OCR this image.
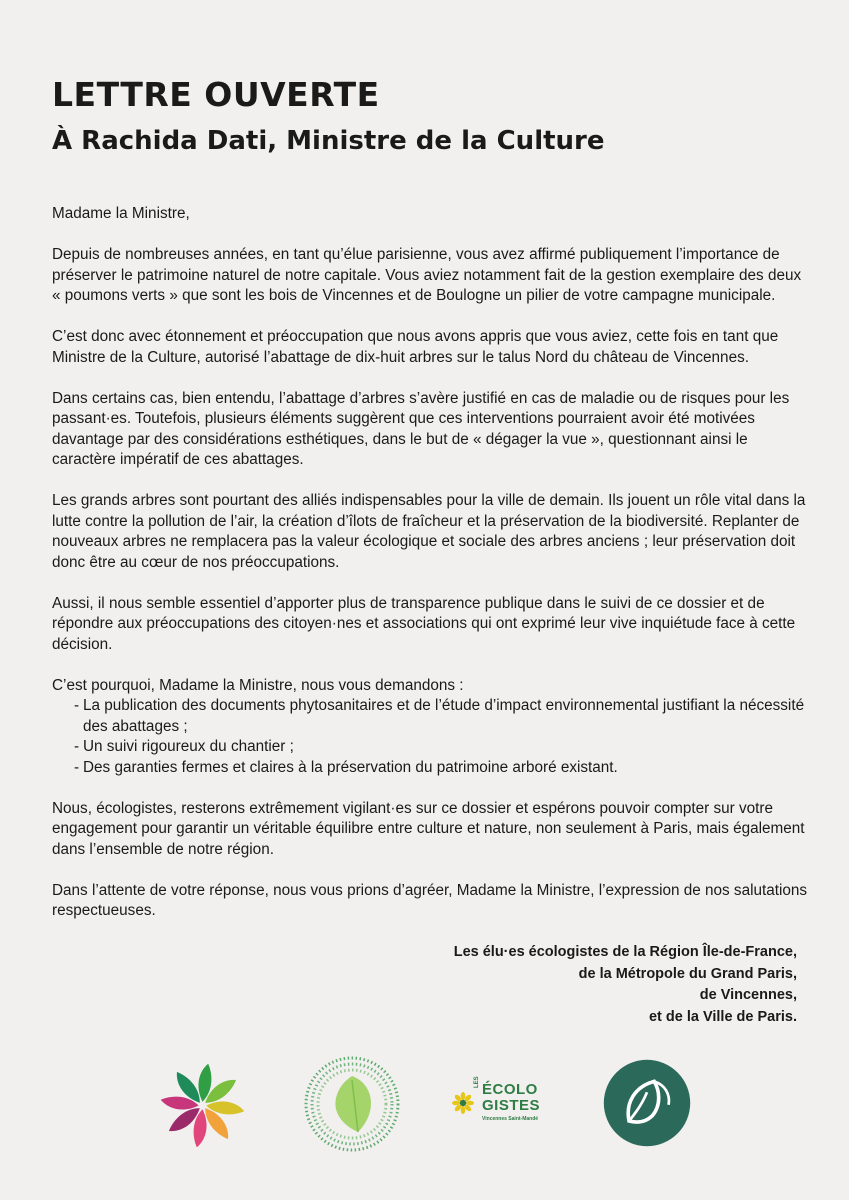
LETTRE OUVERTE
À Rachida Dati, Ministre de la Culture

Madame la Ministre,

Depuis de nombreuses années, en tant qu’élue parisienne, vous avez affirmé publiquement l’importance de préserver le patrimoine naturel de notre capitale. Vous aviez notamment fait de la gestion exemplaire des deux « poumons verts » que sont les bois de Vincennes et de Boulogne un pilier de votre campagne municipale.

C’est donc avec étonnement et préoccupation que nous avons appris que vous aviez, cette fois en tant que Ministre de la Culture, autorisé l’abattage de dix-huit arbres sur le talus Nord du château de Vincennes.

Dans certains cas, bien entendu, l’abattage d’arbres s’avère justifié en cas de maladie ou de risques pour les passant·es. Toutefois, plusieurs éléments suggèrent que ces interventions pourraient avoir été motivées davantage par des considérations esthétiques, dans le but de « dégager la vue », questionnant ainsi le caractère impératif de ces abattages.

Les grands arbres sont pourtant des alliés indispensables pour la ville de demain. Ils jouent un rôle vital dans la lutte contre la pollution de l’air, la création d’îlots de fraîcheur et la préservation de la biodiversité. Replanter de nouveaux arbres ne remplacera pas la valeur écologique et sociale des arbres anciens ; leur préservation doit donc être au cœur de nos préoccupations.

Aussi, il nous semble essentiel d’apporter plus de transparence publique dans le suivi de ce dossier et de répondre aux préoccupations des citoyen·nes et associations qui ont exprimé leur vive inquiétude face à cette décision.

C’est pourquoi, Madame la Ministre, nous vous demandons :

- La publication des documents phytosanitaires et de l’étude d’impact environnemental justifiant la nécessité des abattages ;
- Un suivi rigoureux du chantier ;
- Des garanties fermes et claires à la préservation du patrimoine arboré existant.

Nous, écologistes, resterons extrêmement vigilant·es sur ce dossier et espérons pouvoir compter sur votre engagement pour garantir un véritable équilibre entre culture et nature, non seulement à Paris, mais également dans l’ensemble de notre région.

Dans l’attente de votre réponse, nous vous prions d’agréer, Madame la Ministre, l’expression de nos salutations respectueuses.

Les élu·es écologistes de la Région Île-de-France,
de la Métropole du Grand Paris,
de Vincennes,
et de la Ville de Paris.
LES ÉCOLO
GISTES
Vincennes Saint-Mandé
